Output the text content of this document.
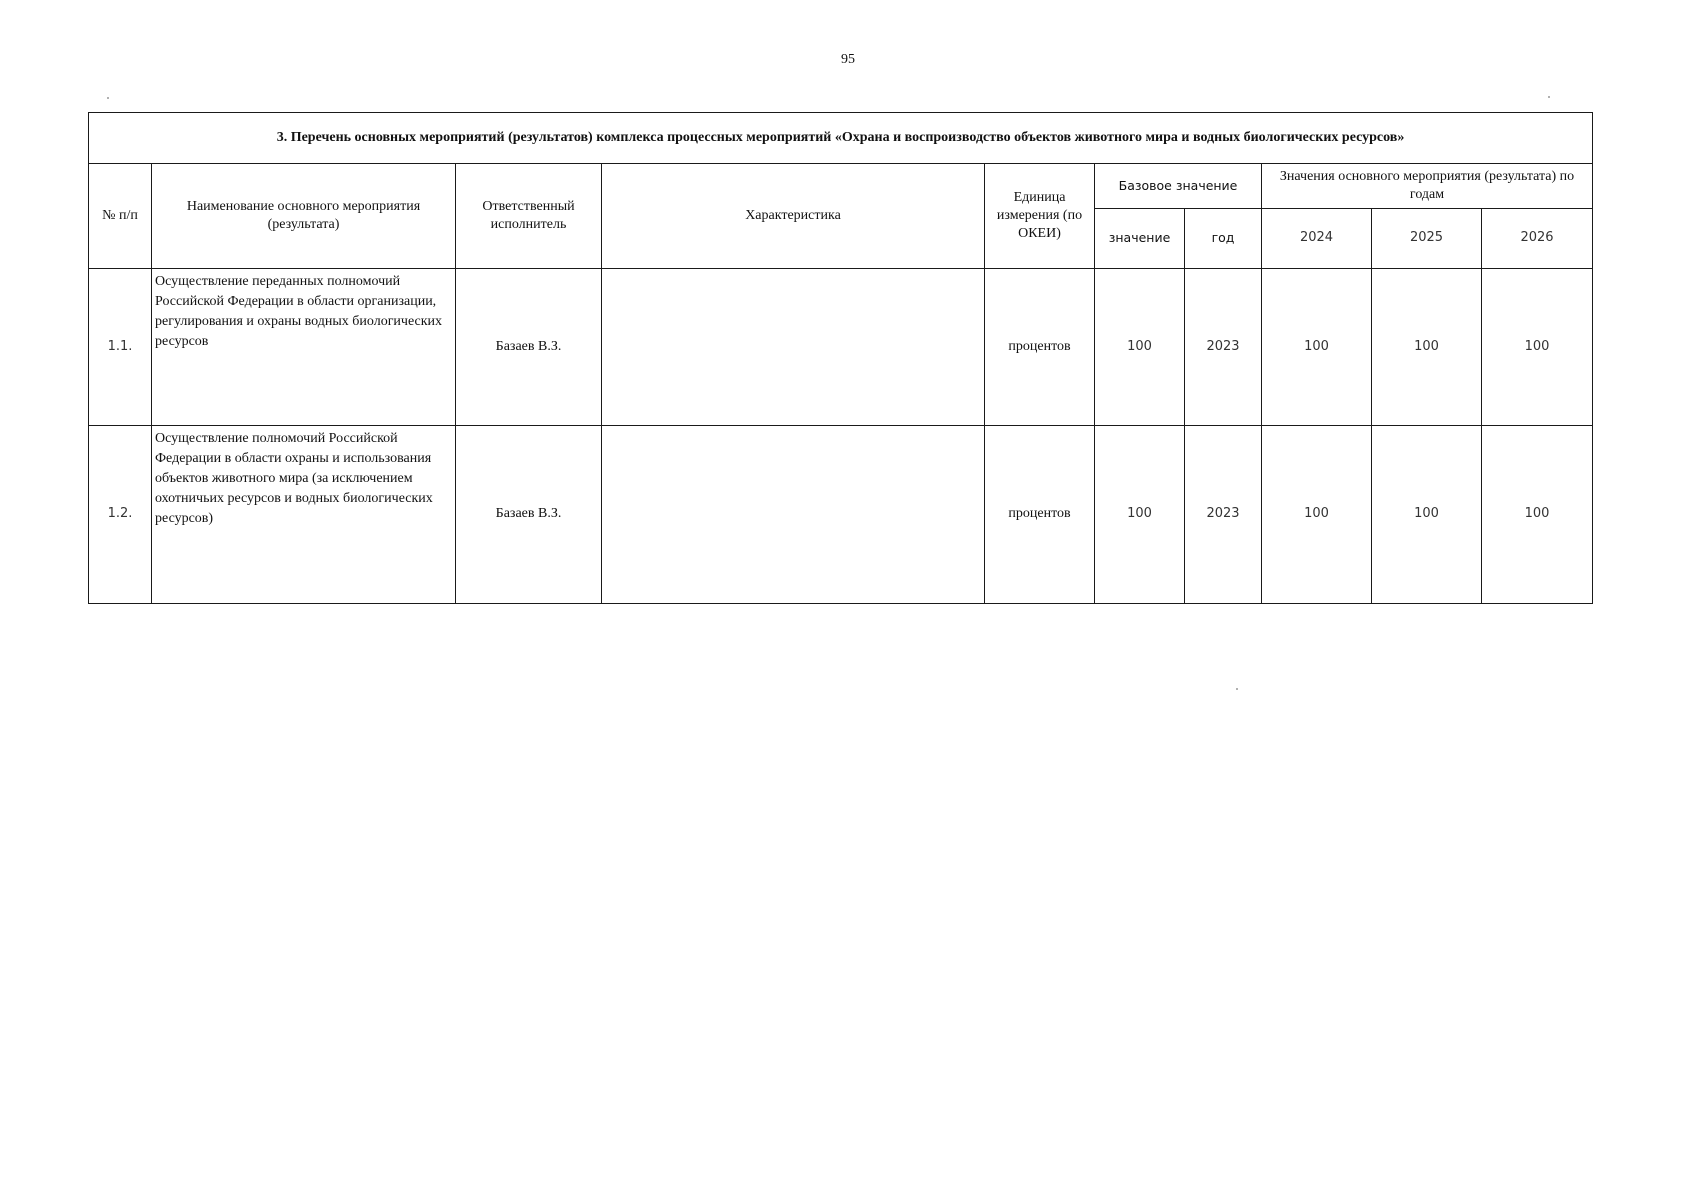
95
3. Перечень основных мероприятий (результатов) комплекса процессных мероприятий «Охрана и воспроизводство объектов животного мира и водных биологических ресурсов»									
№ п/п	Наименование основного мероприятия (результата)	Ответственный исполнитель	Характеристика	Единица измерения (по ОКЕИ)	Базовое значение		Значения основного мероприятия (результата) по годам		
					значение	год	2024	2025	2026
1.1.	Осуществление переданных полномочий Российской Федерации в области организации, регулирования и охраны водных биологических ресурсов	Базаев В.З.		процентов	100	2023	100	100	100
1.2.	Осуществление полномочий Российской Федерации в области охраны и использования объектов животного мира (за исключением охотничьих ресурсов и водных биологических ресурсов)	Базаев В.З.		процентов	100	2023	100	100	100
